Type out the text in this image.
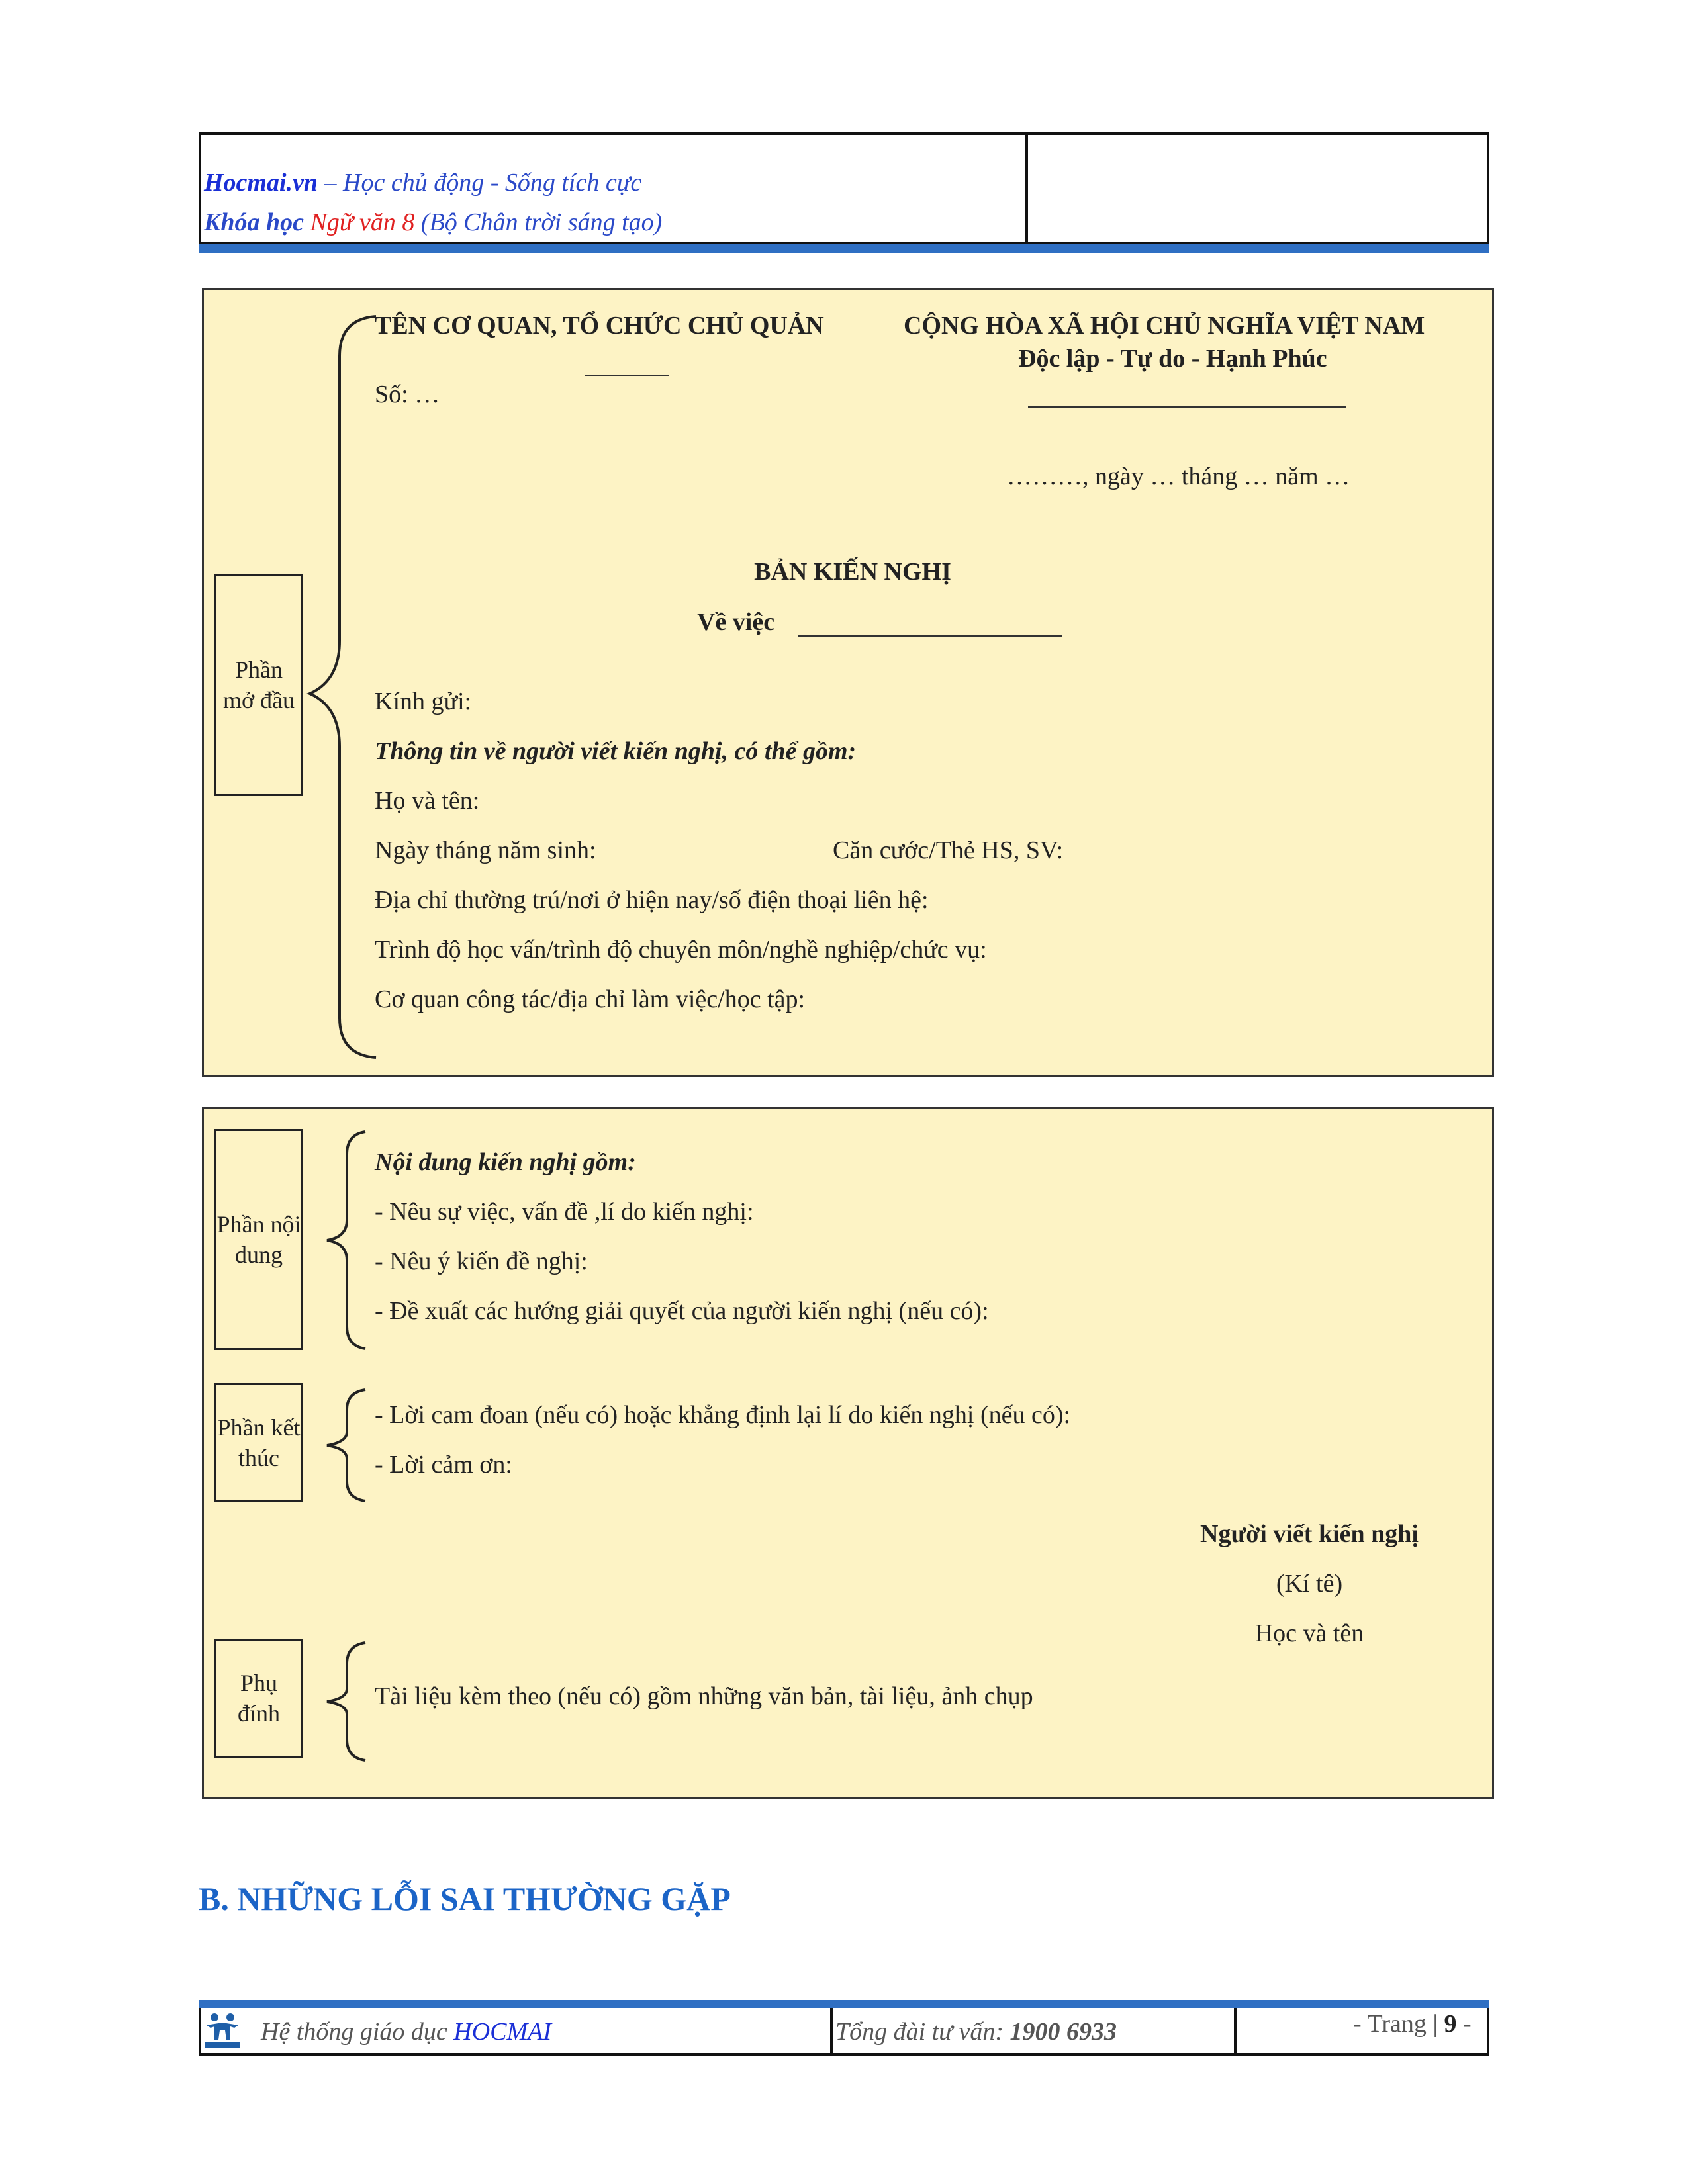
Hocmai.vn – Học chủ động - Sống tích cực
Khóa học Ngữ văn 8 (Bộ Chân trời sáng tạo)
Phần mở đầu
TÊN CƠ QUAN, TỔ CHỨC CHỦ QUẢN
Số: …
CỘNG HÒA XÃ HỘI CHỦ NGHĨA VIỆT NAM
Độc lập - Tự do - Hạnh Phúc
………, ngày … tháng … năm …
BẢN KIẾN NGHỊ
Về việc
Kính gửi:
Thông tin về người viết kiến nghị, có thể gồm:
Họ và tên:
Ngày tháng năm sinh:	Căn cước/Thẻ HS, SV:
Địa chỉ thường trú/nơi ở hiện nay/số điện thoại liên hệ:
Trình độ học vấn/trình độ chuyên môn/nghề nghiệp/chức vụ:
Cơ quan công tác/địa chỉ làm việc/học tập:
Phần nội dung
Nội dung kiến nghị gồm:
- Nêu sự việc, vấn đề ,lí do kiến nghị:
- Nêu ý kiến đề nghị:
- Đề xuất các hướng giải quyết của người kiến nghị (nếu có):
Phần kết thúc
- Lời cam đoan (nếu có) hoặc khẳng định lại lí do kiến nghị (nếu có):
- Lời cảm ơn:
Người viết kiến nghị
(Kí tê)
Học và tên
Phụ đính
Tài liệu kèm theo (nếu có) gồm những văn bản, tài liệu, ảnh chụp
B. NHỮNG LỖI SAI THƯỜNG GẶP
Hệ thống giáo dục HOCMAI	Tổng đài tư vấn: 1900 6933	- Trang | 9 -
